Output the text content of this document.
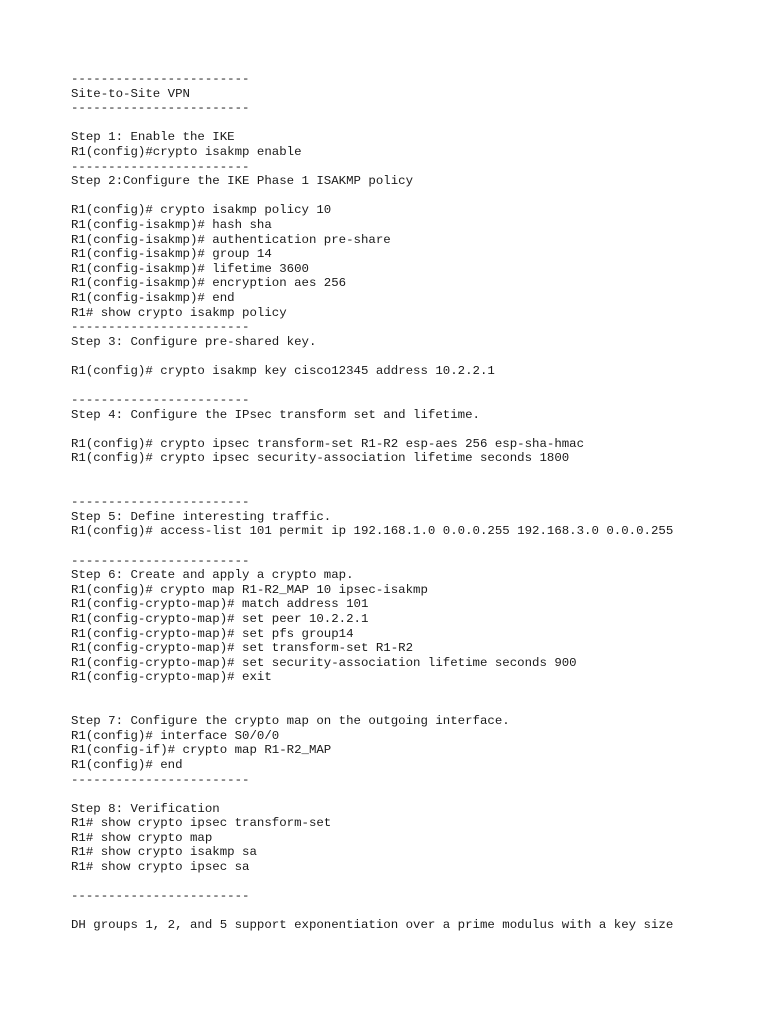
------------------------
Site-to-Site VPN
------------------------
Step 1: Enable the IKE
R1(config)#crypto isakmp enable
------------------------
Step 2:Configure the IKE Phase 1 ISAKMP policy
R1(config)# crypto isakmp policy 10
R1(config-isakmp)# hash sha
R1(config-isakmp)# authentication pre-share
R1(config-isakmp)# group 14
R1(config-isakmp)# lifetime 3600
R1(config-isakmp)# encryption aes 256
R1(config-isakmp)# end
R1# show crypto isakmp policy
------------------------
Step 3: Configure pre-shared key.
R1(config)# crypto isakmp key cisco12345 address 10.2.2.1
------------------------
Step 4: Configure the IPsec transform set and lifetime.
R1(config)# crypto ipsec transform-set R1-R2 esp-aes 256 esp-sha-hmac
R1(config)# crypto ipsec security-association lifetime seconds 1800
------------------------
Step 5: Define interesting traffic.
R1(config)# access-list 101 permit ip 192.168.1.0 0.0.0.255 192.168.3.0 0.0.0.255
------------------------
Step 6: Create and apply a crypto map.
R1(config)# crypto map R1-R2_MAP 10 ipsec-isakmp
R1(config-crypto-map)# match address 101
R1(config-crypto-map)# set peer 10.2.2.1
R1(config-crypto-map)# set pfs group14
R1(config-crypto-map)# set transform-set R1-R2
R1(config-crypto-map)# set security-association lifetime seconds 900
R1(config-crypto-map)# exit
Step 7: Configure the crypto map on the outgoing interface.
R1(config)# interface S0/0/0
R1(config-if)# crypto map R1-R2_MAP
R1(config)# end
------------------------
Step 8: Verification
R1# show crypto ipsec transform-set
R1# show crypto map
R1# show crypto isakmp sa
R1# show crypto ipsec sa
------------------------
DH groups 1, 2, and 5 support exponentiation over a prime modulus with a key size
